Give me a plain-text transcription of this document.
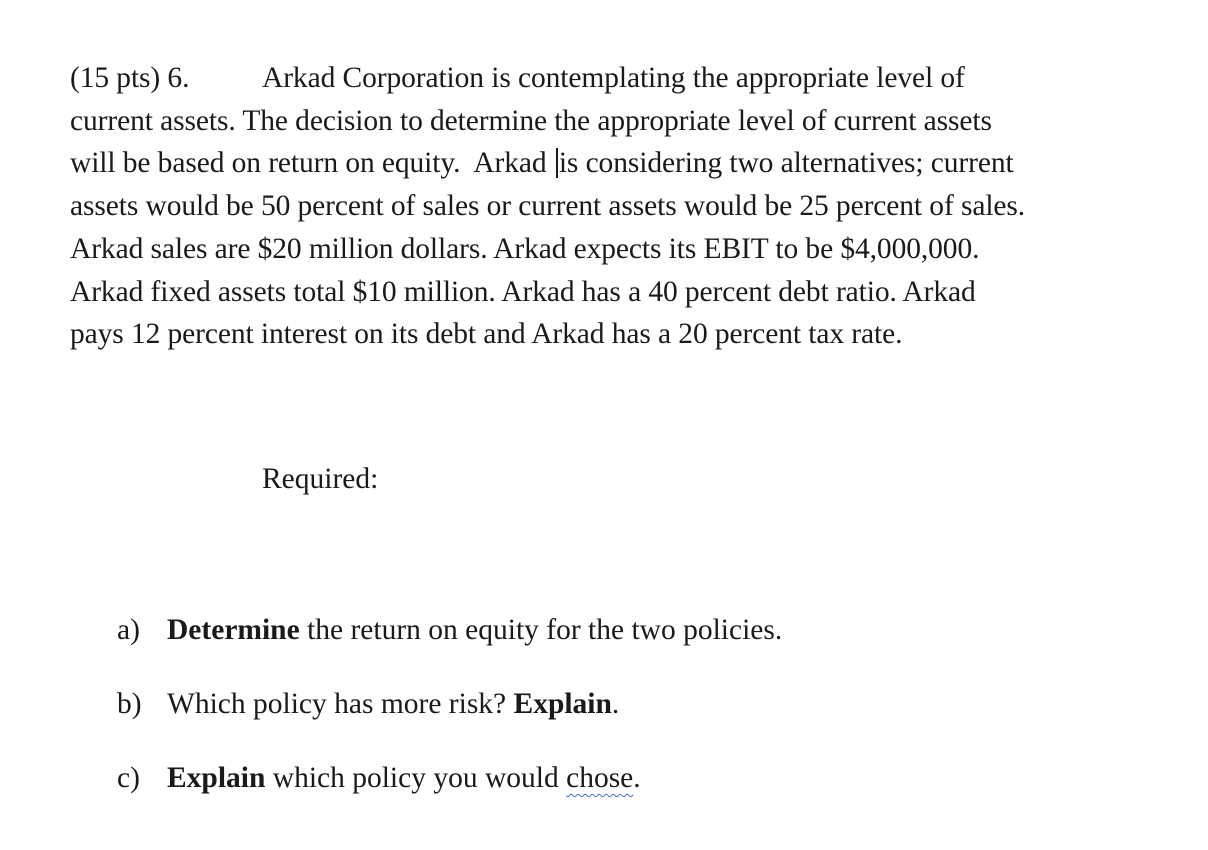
(15 pts) 6.	Arkad Corporation is contemplating the appropriate level of
current assets. The decision to determine the appropriate level of current assets
will be based on return on equity.  Arkad is considering two alternatives; current
assets would be 50 percent of sales or current assets would be 25 percent of sales.
Arkad sales are $20 million dollars. Arkad expects its EBIT to be $4,000,000.
Arkad fixed assets total $10 million. Arkad has a 40 percent debt ratio. Arkad
pays 12 percent interest on its debt and Arkad has a 20 percent tax rate.
Required:
a) Determine the return on equity for the two policies.
b) Which policy has more risk? Explain.
c) Explain which policy you would chose.
